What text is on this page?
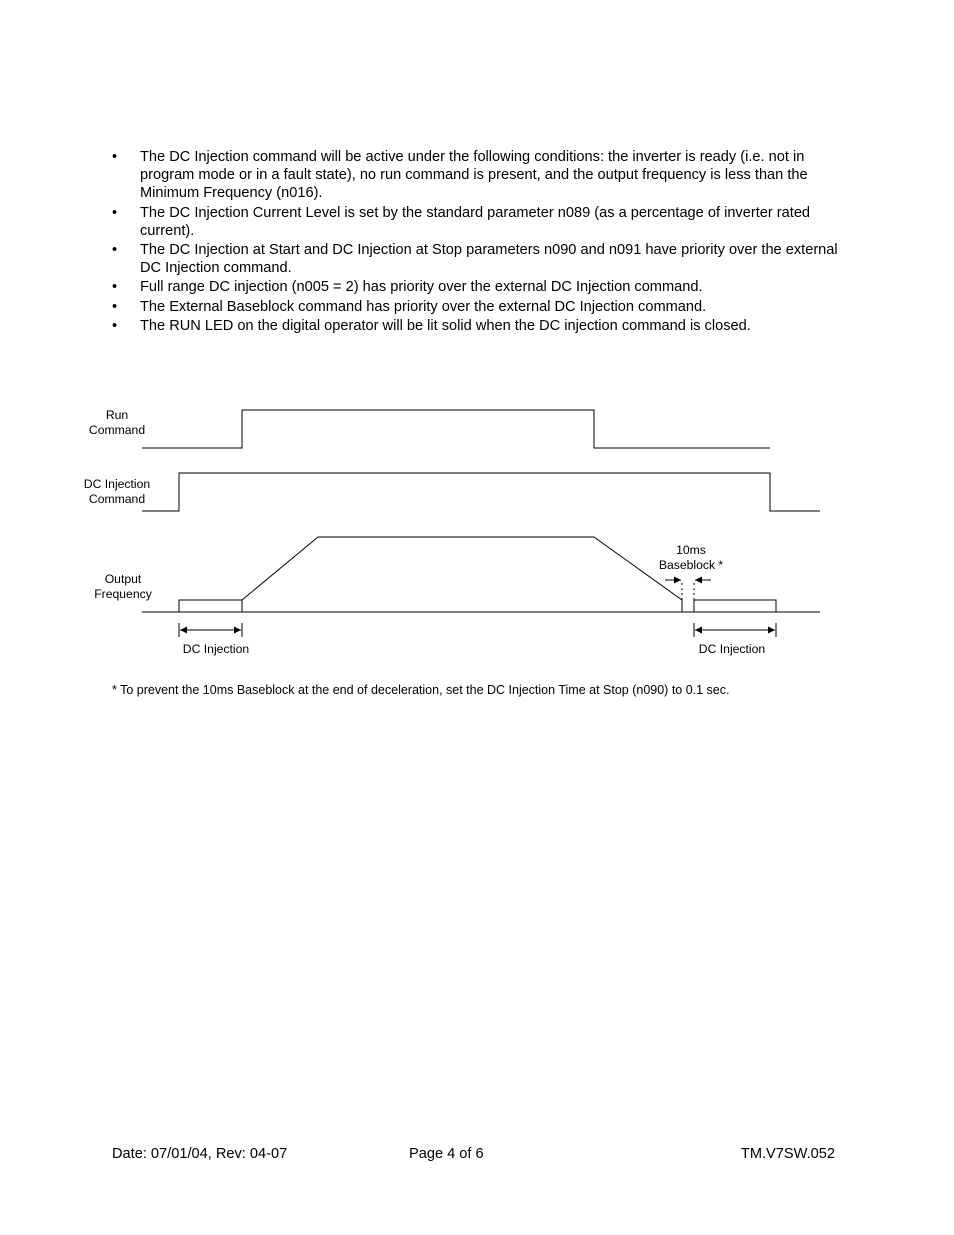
• The DC Injection command will be active under the following conditions: the inverter is ready (i.e. not in program mode or in a fault state), no run command is present, and the output frequency is less than the Minimum Frequency (n016).
• The DC Injection Current Level is set by the standard parameter n089 (as a percentage of inverter rated current).
• The DC Injection at Start and DC Injection at Stop parameters n090 and n091 have priority over the external DC Injection command.
• Full range DC injection (n005 = 2) has priority over the external DC Injection command.
• The External Baseblock command has priority over the external DC Injection command.
• The RUN LED on the digital operator will be lit solid when the DC injection command is closed.
Run
Command
DC Injection
Command
Output
Frequency
10ms
Baseblock *
DC Injection	DC Injection
* To prevent the 10ms Baseblock at the end of deceleration, set the DC Injection Time at Stop (n090) to 0.1 sec.
Date: 07/01/04, Rev: 04-07	Page 4 of 6	TM.V7SW.052
